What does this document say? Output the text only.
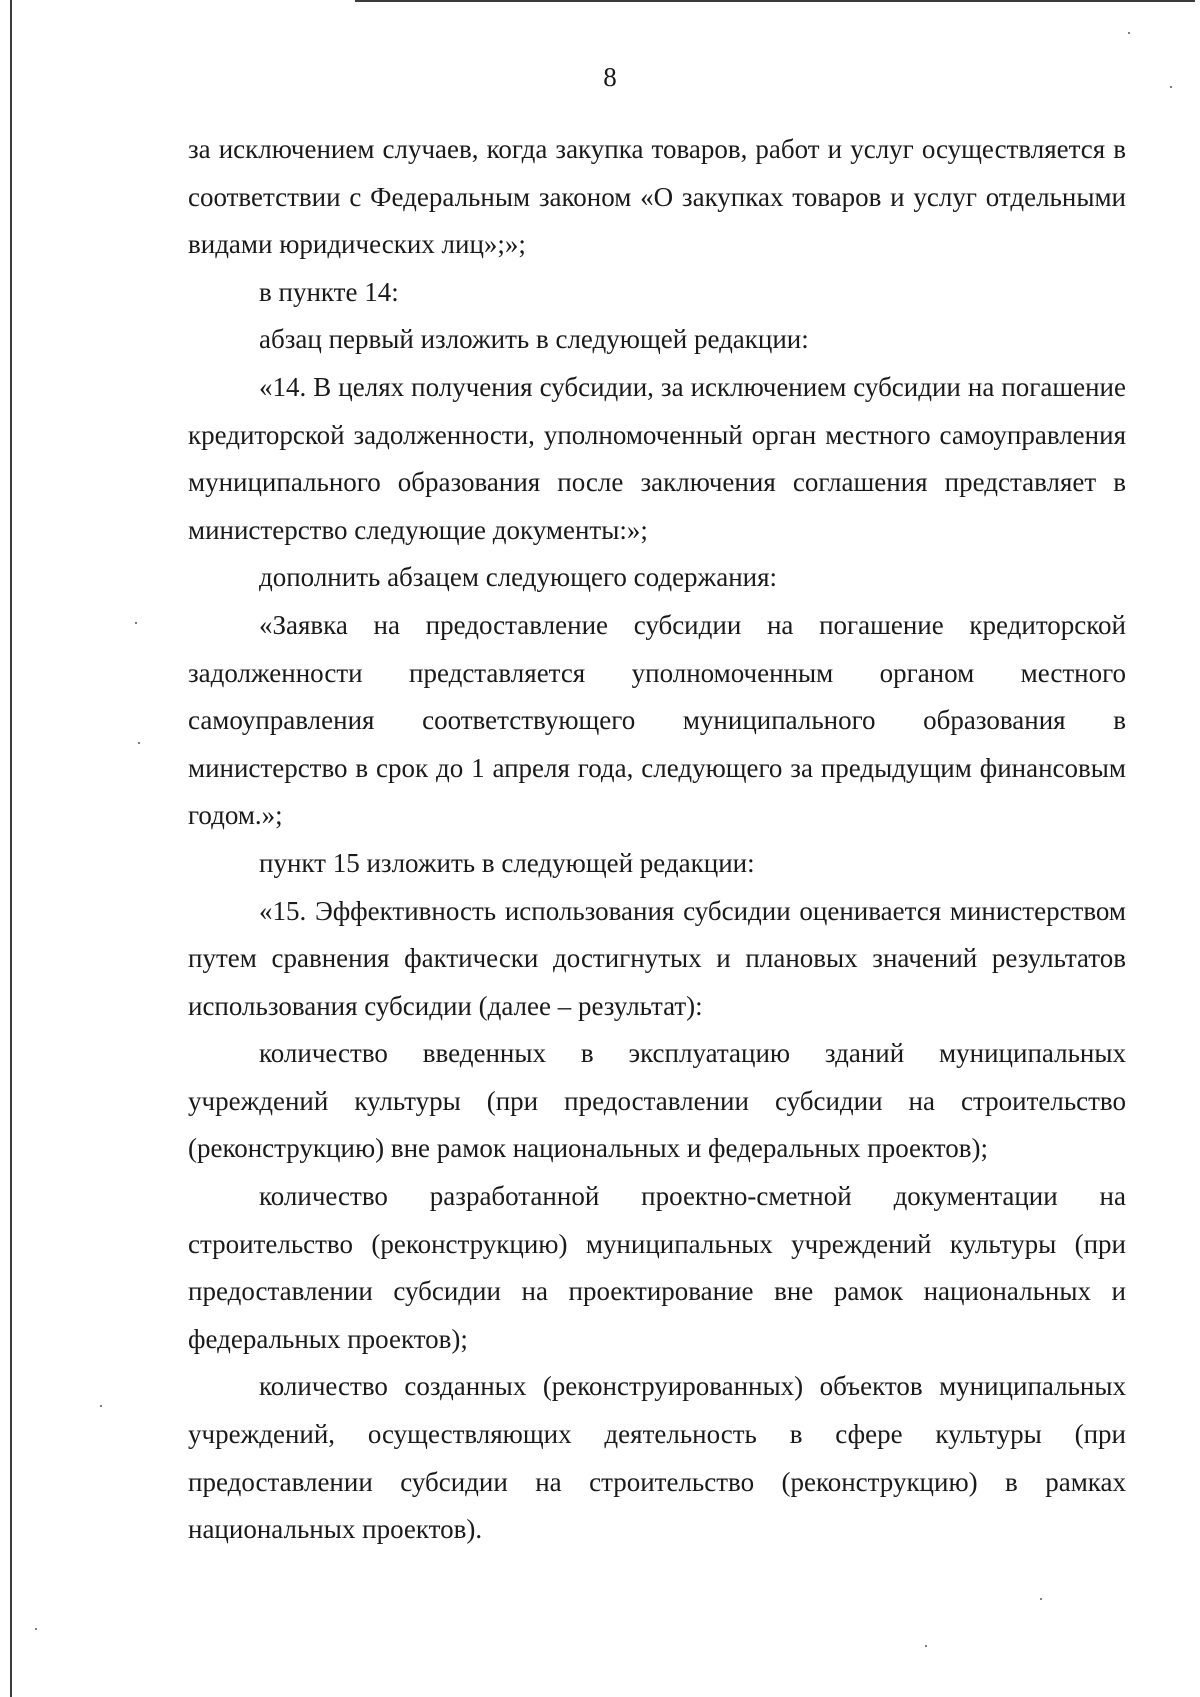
8

за исключением случаев, когда закупка товаров, работ и услуг осуществляется в соответствии с Федеральным законом «О закупках товаров и услуг отдельными видами юридических лиц»;»;

в пункте 14:

абзац первый изложить в следующей редакции:

«14. В целях получения субсидии, за исключением субсидии на погашение кредиторской задолженности, уполномоченный орган местного самоуправления муниципального образования после заключения соглашения представляет в министерство следующие документы:»;

дополнить абзацем следующего содержания:

«Заявка на предоставление субсидии на погашение кредиторской задолженности представляется уполномоченным органом местного самоуправления соответствующего муниципального образования в министерство в срок до 1 апреля года, следующего за предыдущим финансовым годом.»;

пункт 15 изложить в следующей редакции:

«15. Эффективность использования субсидии оценивается министерством путем сравнения фактически достигнутых и плановых значений результатов использования субсидии (далее – результат):

количество введенных в эксплуатацию зданий муниципальных учреждений культуры (при предоставлении субсидии на строительство (реконструкцию) вне рамок национальных и федеральных проектов);

количество разработанной проектно-сметной документации на строительство (реконструкцию) муниципальных учреждений культуры (при предоставлении субсидии на проектирование вне рамок национальных и федеральных проектов);

количество созданных (реконструированных) объектов муниципальных учреждений, осуществляющих деятельность в сфере культуры (при предоставлении субсидии на строительство (реконструкцию) в рамках национальных проектов).
